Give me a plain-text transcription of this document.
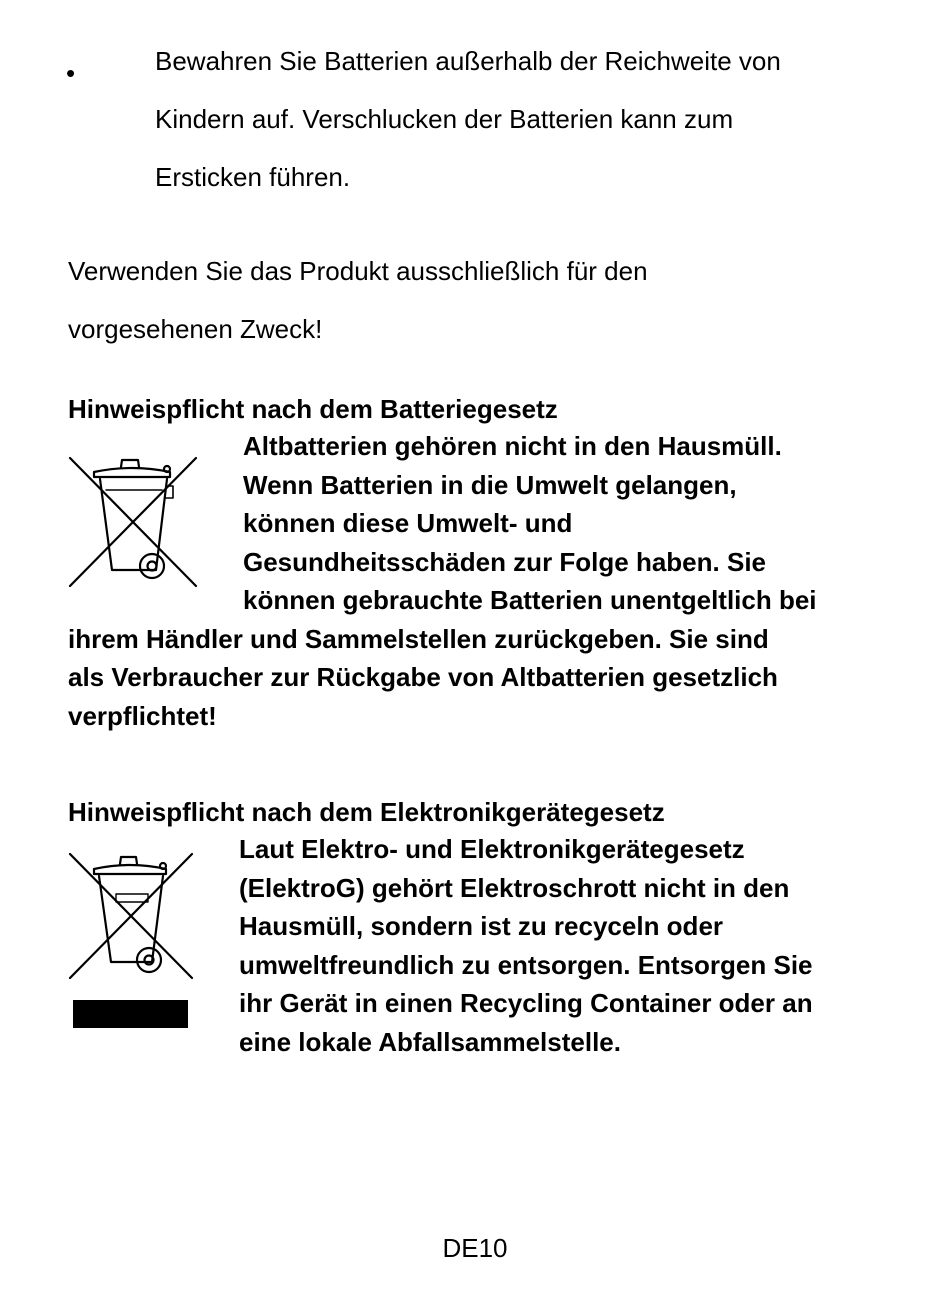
•	Bewahren Sie Batterien außerhalb der Reichweite von
Kindern auf. Verschlucken der Batterien kann zum
Ersticken führen.

Verwenden Sie das Produkt ausschließlich für den
vorgesehenen Zweck!

Hinweispflicht nach dem Batteriegesetz

Altbatterien gehören nicht in den Hausmüll.
Wenn Batterien in die Umwelt gelangen,
können diese Umwelt- und
Gesundheitsschäden zur Folge haben. Sie
können gebrauchte Batterien unentgeltlich bei
ihrem Händler und Sammelstellen zurückgeben. Sie sind
als Verbraucher zur Rückgabe von Altbatterien gesetzlich
verpflichtet!

Hinweispflicht nach dem Elektronikgerätegesetz

Laut Elektro- und Elektronikgerätegesetz
(ElektroG) gehört Elektroschrott nicht in den
Hausmüll, sondern ist zu recyceln oder
umweltfreundlich zu entsorgen. Entsorgen Sie
ihr Gerät in einen Recycling Container oder an
eine lokale Abfallsammelstelle.

DE10
